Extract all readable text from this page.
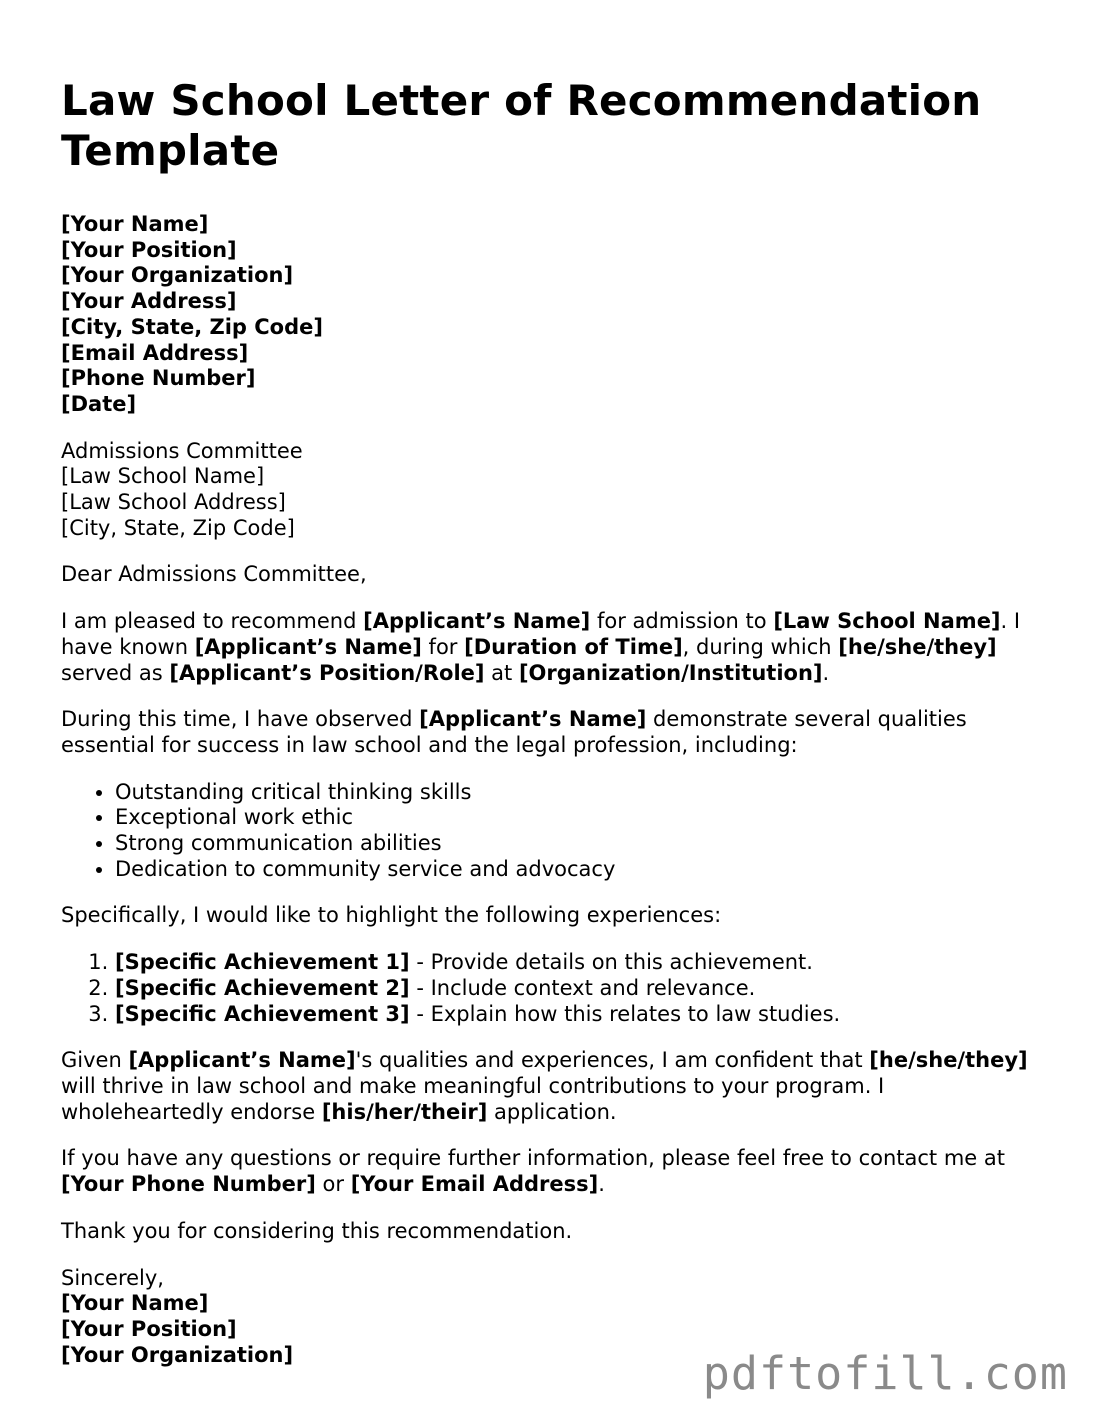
Law School Letter of Recommendation Template
[Your Name]
[Your Position]
[Your Organization]
[Your Address]
[City, State, Zip Code]
[Email Address]
[Phone Number]
[Date]
Admissions Committee
[Law School Name]
[Law School Address]
[City, State, Zip Code]
Dear Admissions Committee,
I am pleased to recommend [Applicant’s Name] for admission to [Law School Name]. I have known [Applicant’s Name] for [Duration of Time], during which [he/she/they] served as [Applicant’s Position/Role] at [Organization/Institution].
During this time, I have observed [Applicant’s Name] demonstrate several qualities essential for success in law school and the legal profession, including:
• Outstanding critical thinking skills
• Exceptional work ethic
• Strong communication abilities
• Dedication to community service and advocacy
Specifically, I would like to highlight the following experiences:
1. [Specific Achievement 1] - Provide details on this achievement.
2. [Specific Achievement 2] - Include context and relevance.
3. [Specific Achievement 3] - Explain how this relates to law studies.
Given [Applicant’s Name]'s qualities and experiences, I am confident that [he/she/they] will thrive in law school and make meaningful contributions to your program. I wholeheartedly endorse [his/her/their] application.
If you have any questions or require further information, please feel free to contact me at [Your Phone Number] or [Your Email Address].
Thank you for considering this recommendation.
Sincerely,
[Your Name]
[Your Position]
[Your Organization]	pdftofill.com
